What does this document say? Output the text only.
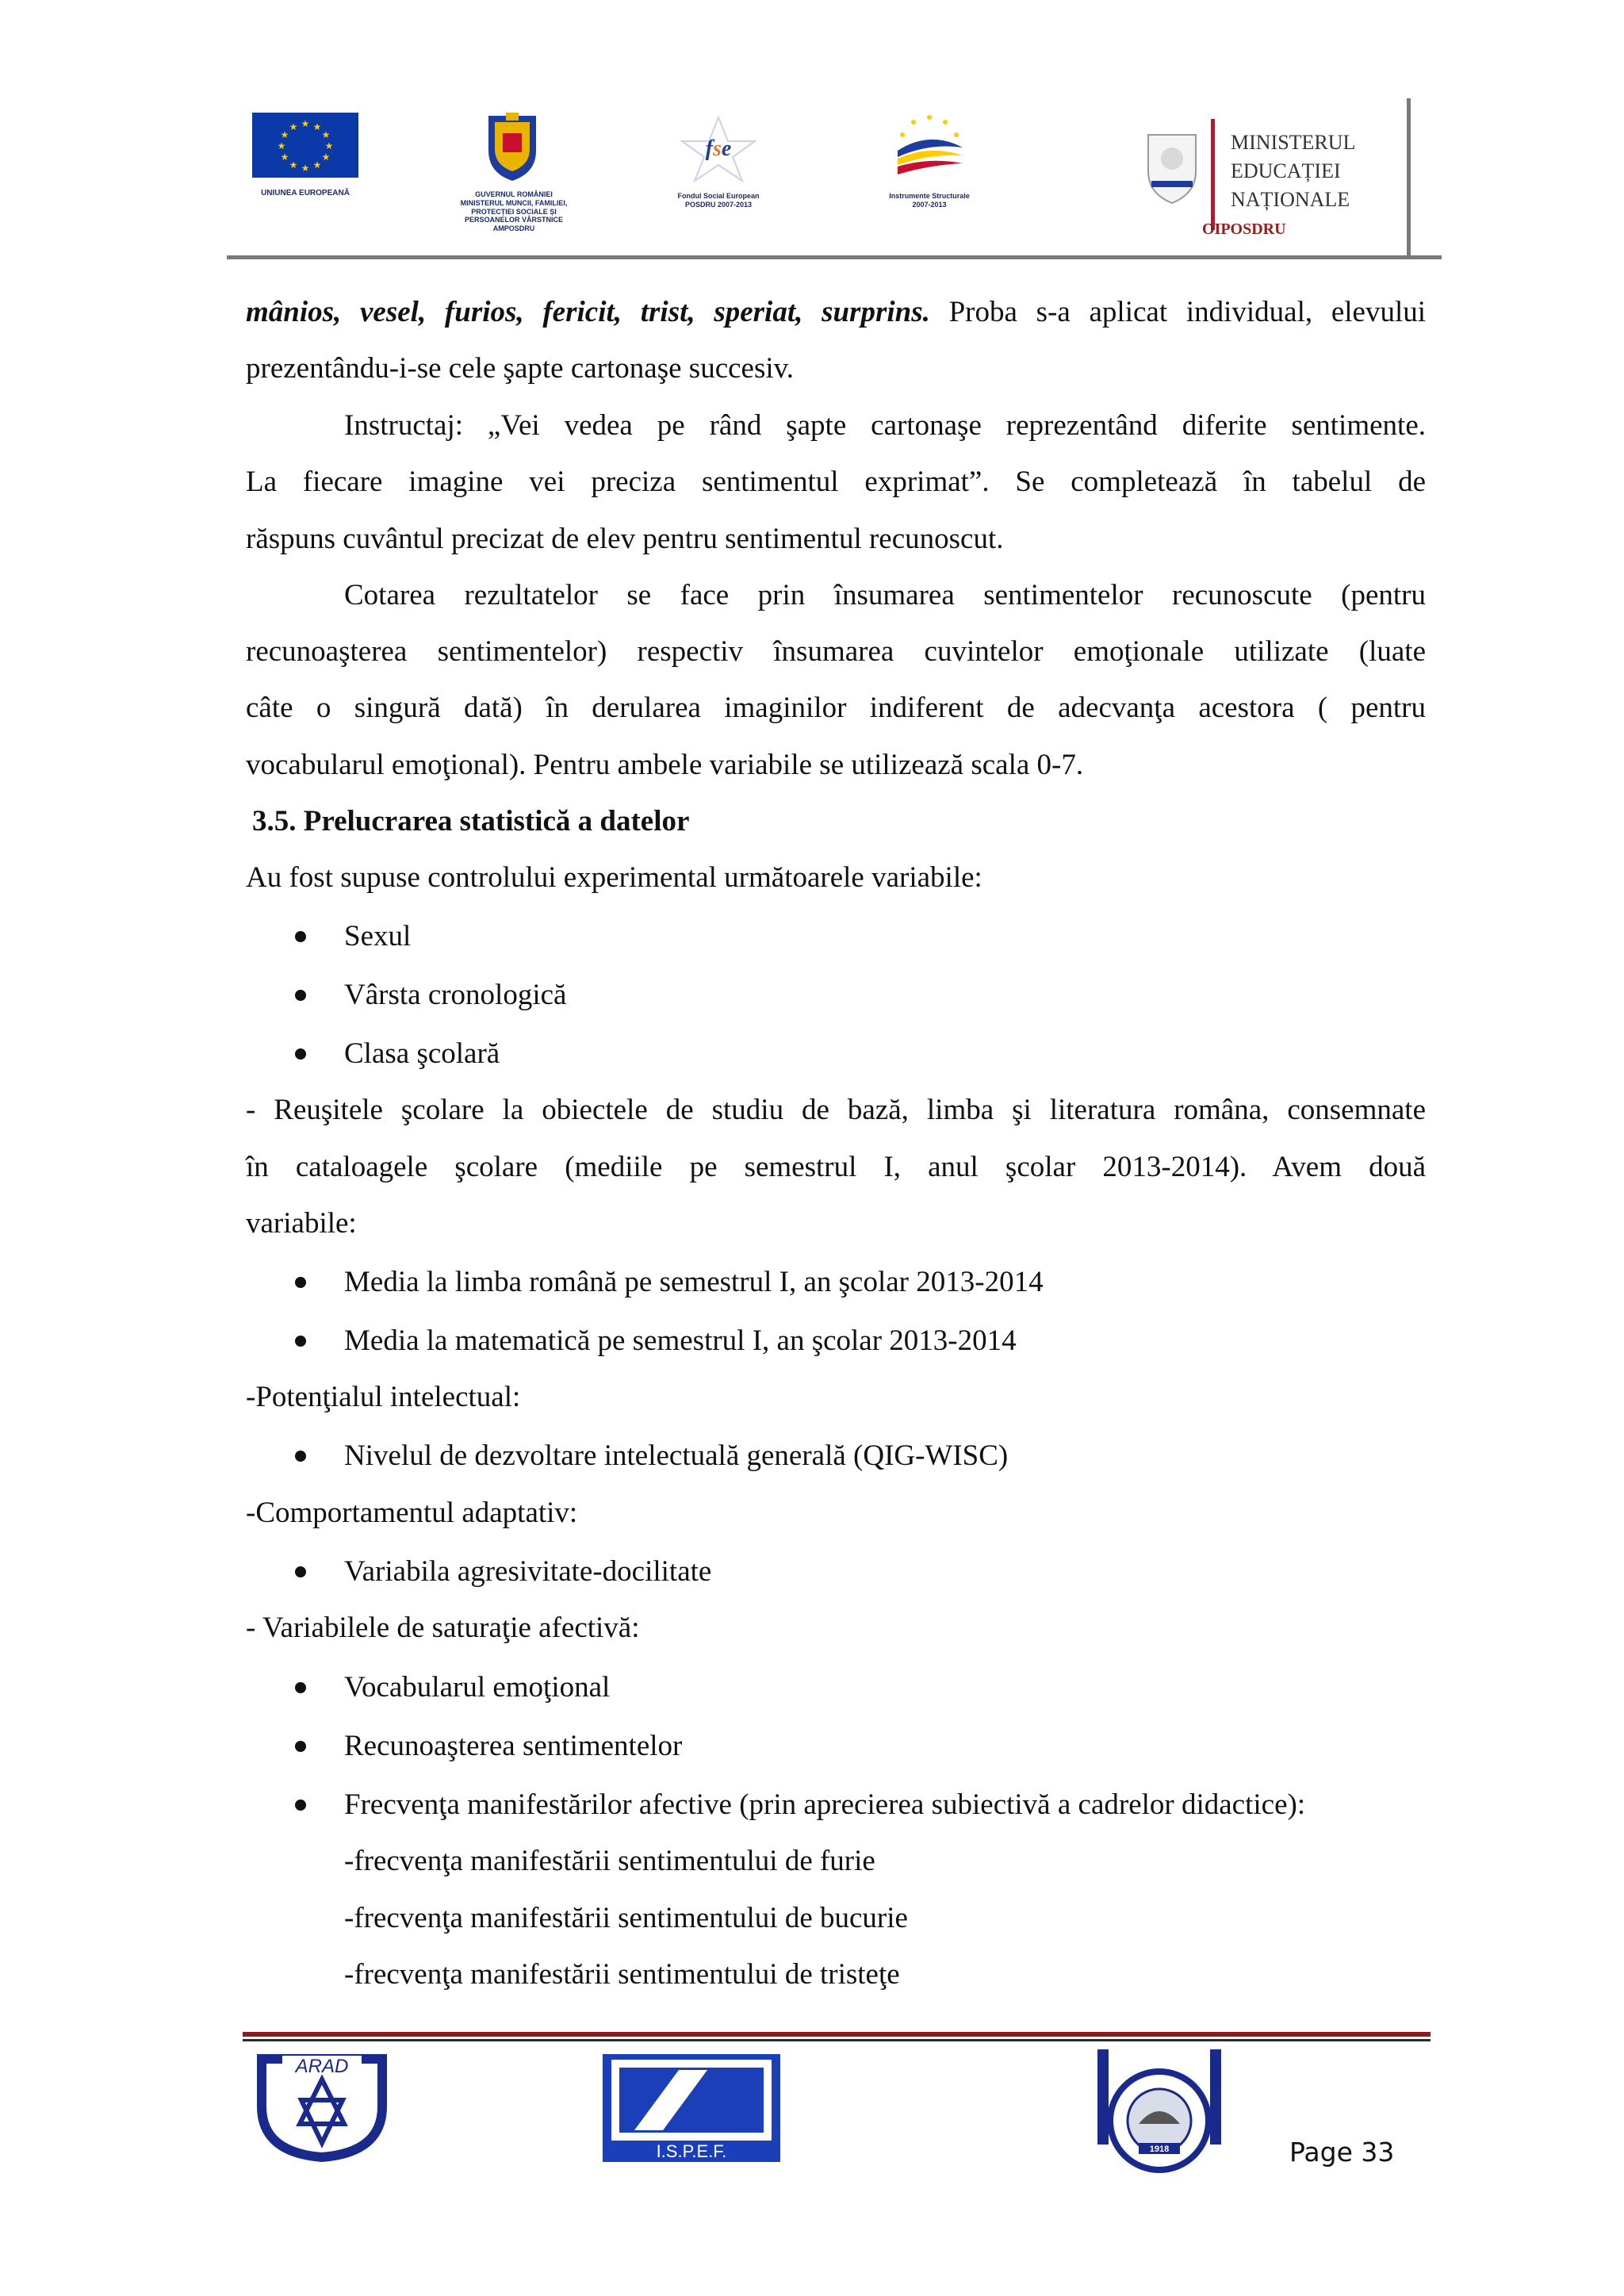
★ ★
★
★
★
★
★
★
★
★
★
★
UNIUNEA EUROPEANĂ	GUVERNUL ROMÂNIEI
MINISTERUL MUNCII, FAMILIEI,
PROTECȚIEI SOCIALE ȘI
PERSOANELOR VÂRSTNICE
AMPOSDRU
fse
Fondul Social European
POSDRU 2007-2013
Instrumente Structurale
2007-2013
MINISTERUL
EDUCAȚIEI
NAȚIONALE
OIPOSDRU
mânios, vesel, furios, fericit, trist, speriat, surprins. Proba s-a aplicat individual, elevului
prezentându-i-se cele şapte cartonaşe succesiv.
Instructaj: „Vei vedea pe rând şapte cartonaşe reprezentând diferite sentimente.
La fiecare imagine vei preciza sentimentul exprimat”. Se completează în tabelul de
răspuns cuvântul precizat de elev pentru sentimentul recunoscut.
Cotarea rezultatelor se face prin însumarea sentimentelor recunoscute (pentru
recunoaşterea sentimentelor) respectiv însumarea cuvintelor emoţionale utilizate (luate
câte o singură dată) în derularea imaginilor indiferent de adecvanţa acestora ( pentru
vocabularul emoţional). Pentru ambele variabile se utilizează scala 0-7.
3.5. Prelucrarea statistică a datelor
Au fost supuse controlului experimental următoarele variabile:
Sexul
Vârsta cronologică
Clasa şcolară
- Reuşitele şcolare la obiectele de studiu de bază, limba şi literatura româna, consemnate
în cataloagele şcolare (mediile pe semestrul I, anul şcolar 2013-2014). Avem două
variabile:
Media la limba română pe semestrul I, an şcolar 2013-2014
Media la matematică pe semestrul I, an şcolar 2013-2014
-Potenţialul intelectual:
Nivelul de dezvoltare intelectuală generală (QIG-WISC)
-Comportamentul adaptativ:
Variabila agresivitate-docilitate
- Variabilele de saturaţie afectivă:
Vocabularul emoţional
Recunoaşterea sentimentelor
Frecvenţa manifestărilor afective (prin aprecierea subiectivă a cadrelor didactice):
-frecvenţa manifestării sentimentului de furie
-frecvenţa manifestării sentimentului de bucurie
-frecvenţa manifestării sentimentului de tristeţe
ARAD
I.S.P.E.F.	1918	Page 33
